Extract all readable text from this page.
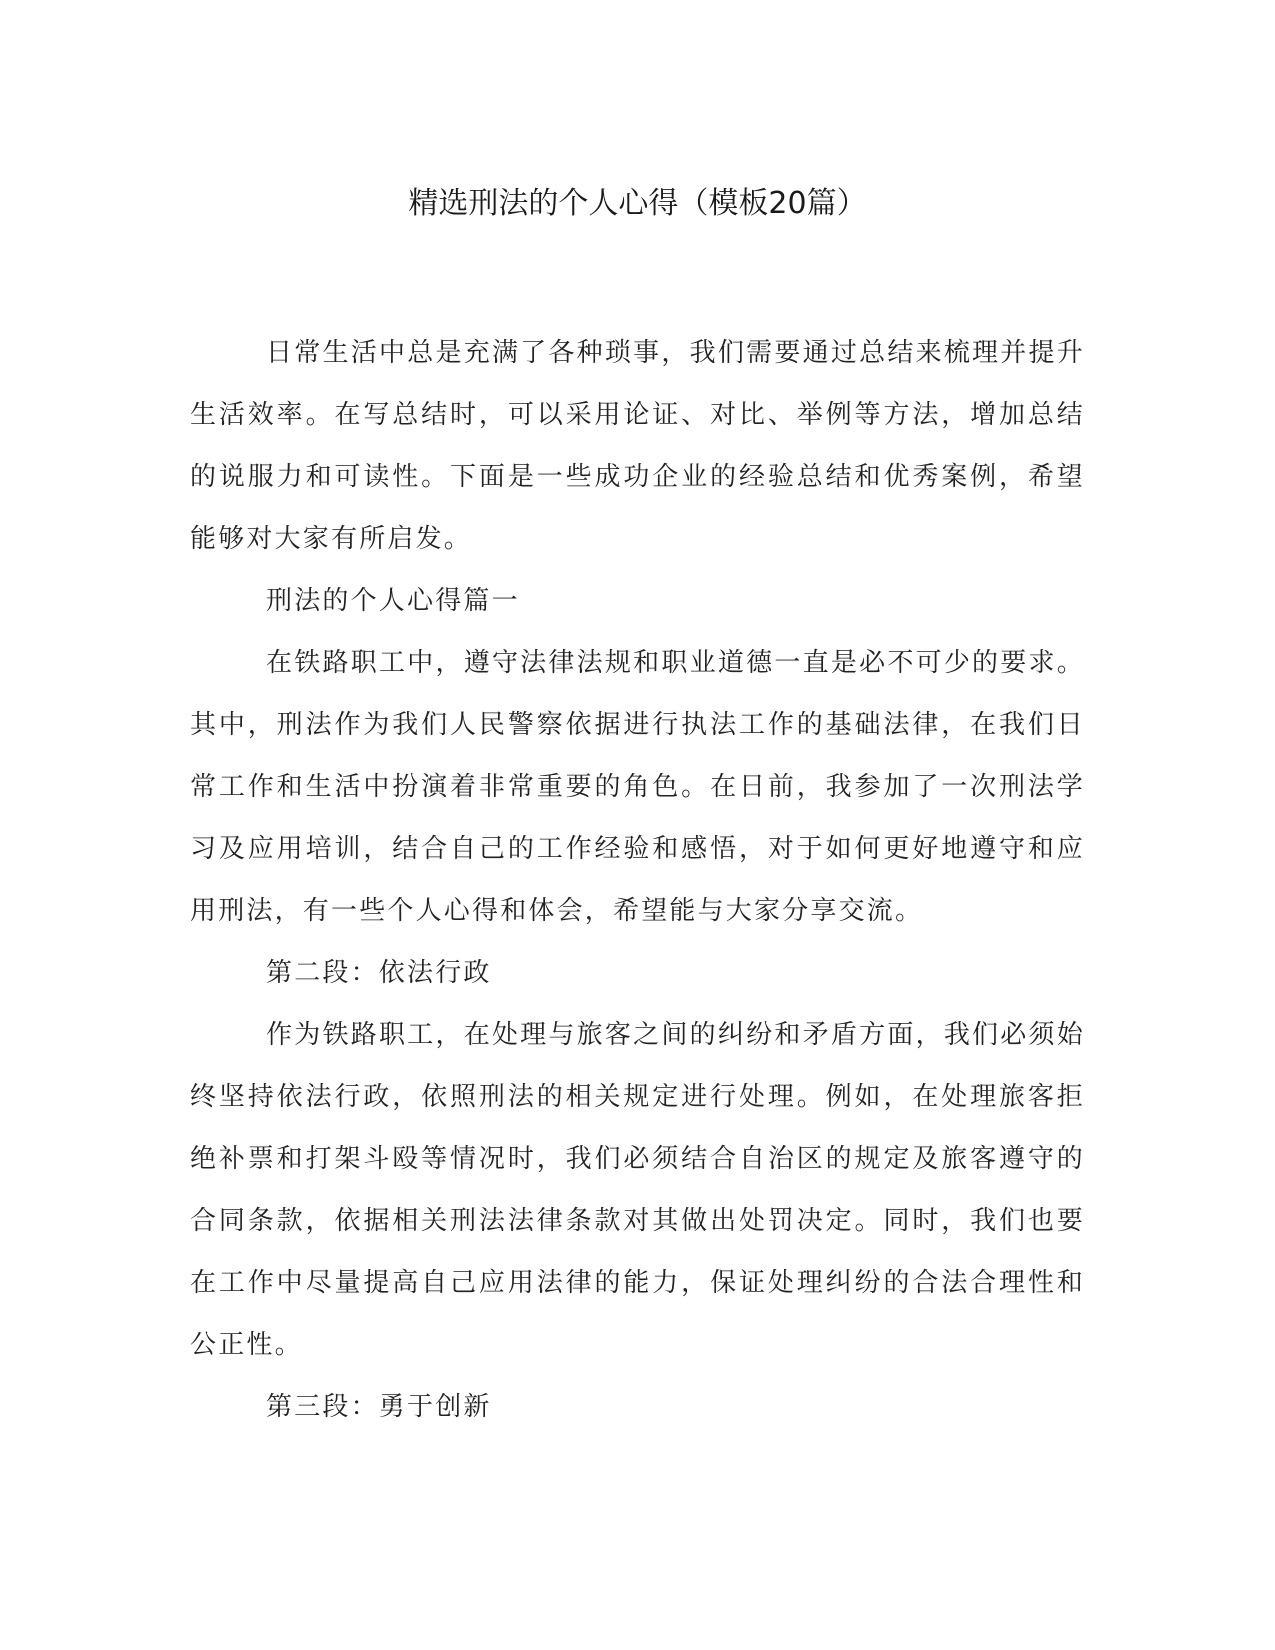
精选刑法的个人心得（模板20篇）

日常生活中总是充满了各种琐事，我们需要通过总结来梳理并提升生活效率。在写总结时，可以采用论证、对比、举例等方法，增加总结的说服力和可读性。下面是一些成功企业的经验总结和优秀案例，希望能够对大家有所启发。

刑法的个人心得篇一

在铁路职工中，遵守法律法规和职业道德一直是必不可少的要求。其中，刑法作为我们人民警察依据进行执法工作的基础法律，在我们日常工作和生活中扮演着非常重要的角色。在日前，我参加了一次刑法学习及应用培训，结合自己的工作经验和感悟，对于如何更好地遵守和应用刑法，有一些个人心得和体会，希望能与大家分享交流。

第二段：依法行政

作为铁路职工，在处理与旅客之间的纠纷和矛盾方面，我们必须始终坚持依法行政，依照刑法的相关规定进行处理。例如，在处理旅客拒绝补票和打架斗殴等情况时，我们必须结合自治区的规定及旅客遵守的合同条款，依据相关刑法法律条款对其做出处罚决定。同时，我们也要在工作中尽量提高自己应用法律的能力，保证处理纠纷的合法合理性和公正性。

第三段：勇于创新
